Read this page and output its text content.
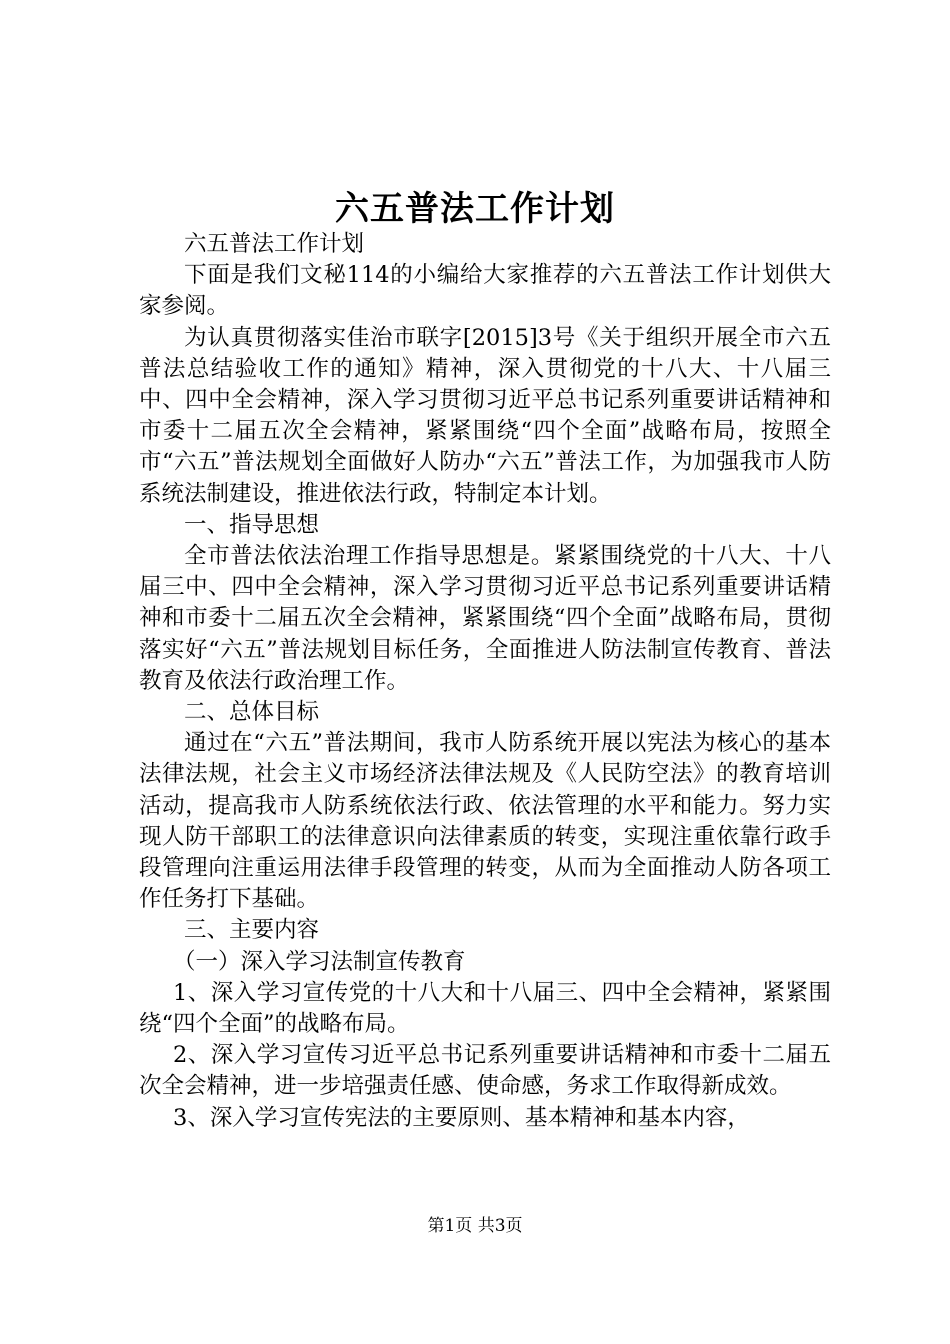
六五普法工作计划

六五普法工作计划

下面是我们文秘114的小编给大家推荐的六五普法工作计划供大家参阅。

为认真贯彻落实佳治市联字[2015]3号《关于组织开展全市六五普法总结验收工作的通知》精神，深入贯彻党的十八大、十八届三中、四中全会精神，深入学习贯彻习近平总书记系列重要讲话精神和市委十二届五次全会精神，紧紧围绕“四个全面”战略布局，按照全市“六五”普法规划全面做好人防办“六五”普法工作，为加强我市人防系统法制建设，推进依法行政，特制定本计划。

一、指导思想

全市普法依法治理工作指导思想是。紧紧围绕党的十八大、十八届三中、四中全会精神，深入学习贯彻习近平总书记系列重要讲话精神和市委十二届五次全会精神，紧紧围绕“四个全面”战略布局，贯彻落实好“六五”普法规划目标任务，全面推进人防法制宣传教育、普法教育及依法行政治理工作。

二、总体目标

通过在“六五”普法期间，我市人防系统开展以宪法为核心的基本法律法规，社会主义市场经济法律法规及《人民防空法》的教育培训活动，提高我市人防系统依法行政、依法管理的水平和能力。努力实现人防干部职工的法律意识向法律素质的转变，实现注重依靠行政手段管理向注重运用法律手段管理的转变，从而为全面推动人防各项工作任务打下基础。

三、主要内容

（一）深入学习法制宣传教育

1、深入学习宣传党的十八大和十八届三、四中全会精神，紧紧围绕“四个全面”的战略布局。

2、深入学习宣传习近平总书记系列重要讲话精神和市委十二届五次全会精神，进一步培强责任感、使命感，务求工作取得新成效。

3、深入学习宣传宪法的主要原则、基本精神和基本内容，

第1页 共3页
